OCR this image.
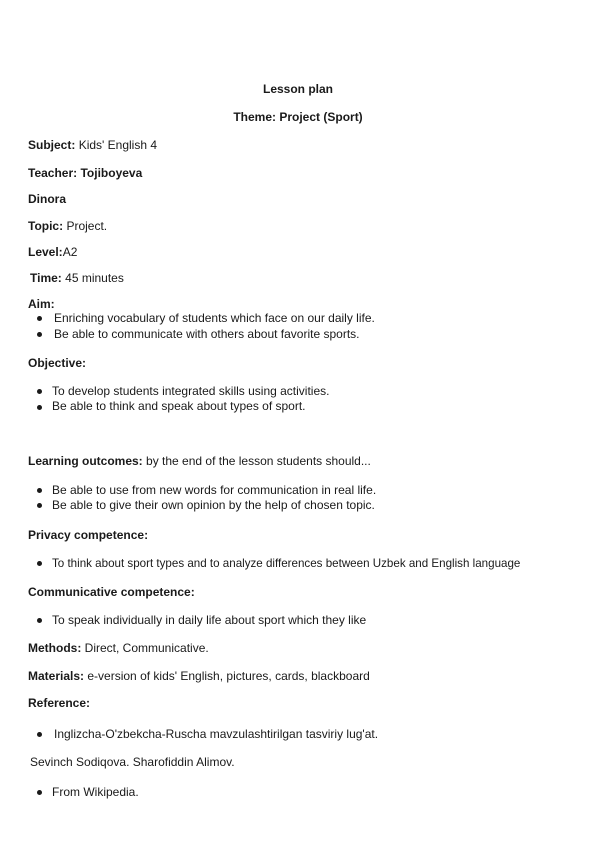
Lesson plan
Theme: Project (Sport)
Subject: Kids' English 4
Teacher: Tojiboyeva
Dinora
Topic: Project.
Level:A2
Time: 45 minutes
Aim:
Enriching vocabulary of students which face on our daily life.
Be able to communicate with others about favorite sports.
Objective:
To develop students integrated skills using activities.
Be able to think and speak about types of sport.
Learning outcomes: by the end of the lesson students should...
Be able to use from new words for communication in real life.
Be able to give their own opinion by the help of chosen topic.
Privacy competence:
To think about sport types and to analyze differences between Uzbek and English language
Communicative competence:
To speak individually in daily life about sport which they like
Methods: Direct, Communicative.
Materials: e-version of kids' English, pictures, cards, blackboard
Reference:
Inglizcha-O'zbekcha-Ruscha mavzulashtirilgan tasviriy lug'at.
Sevinch Sodiqova. Sharofiddin Alimov.
From Wikipedia.
